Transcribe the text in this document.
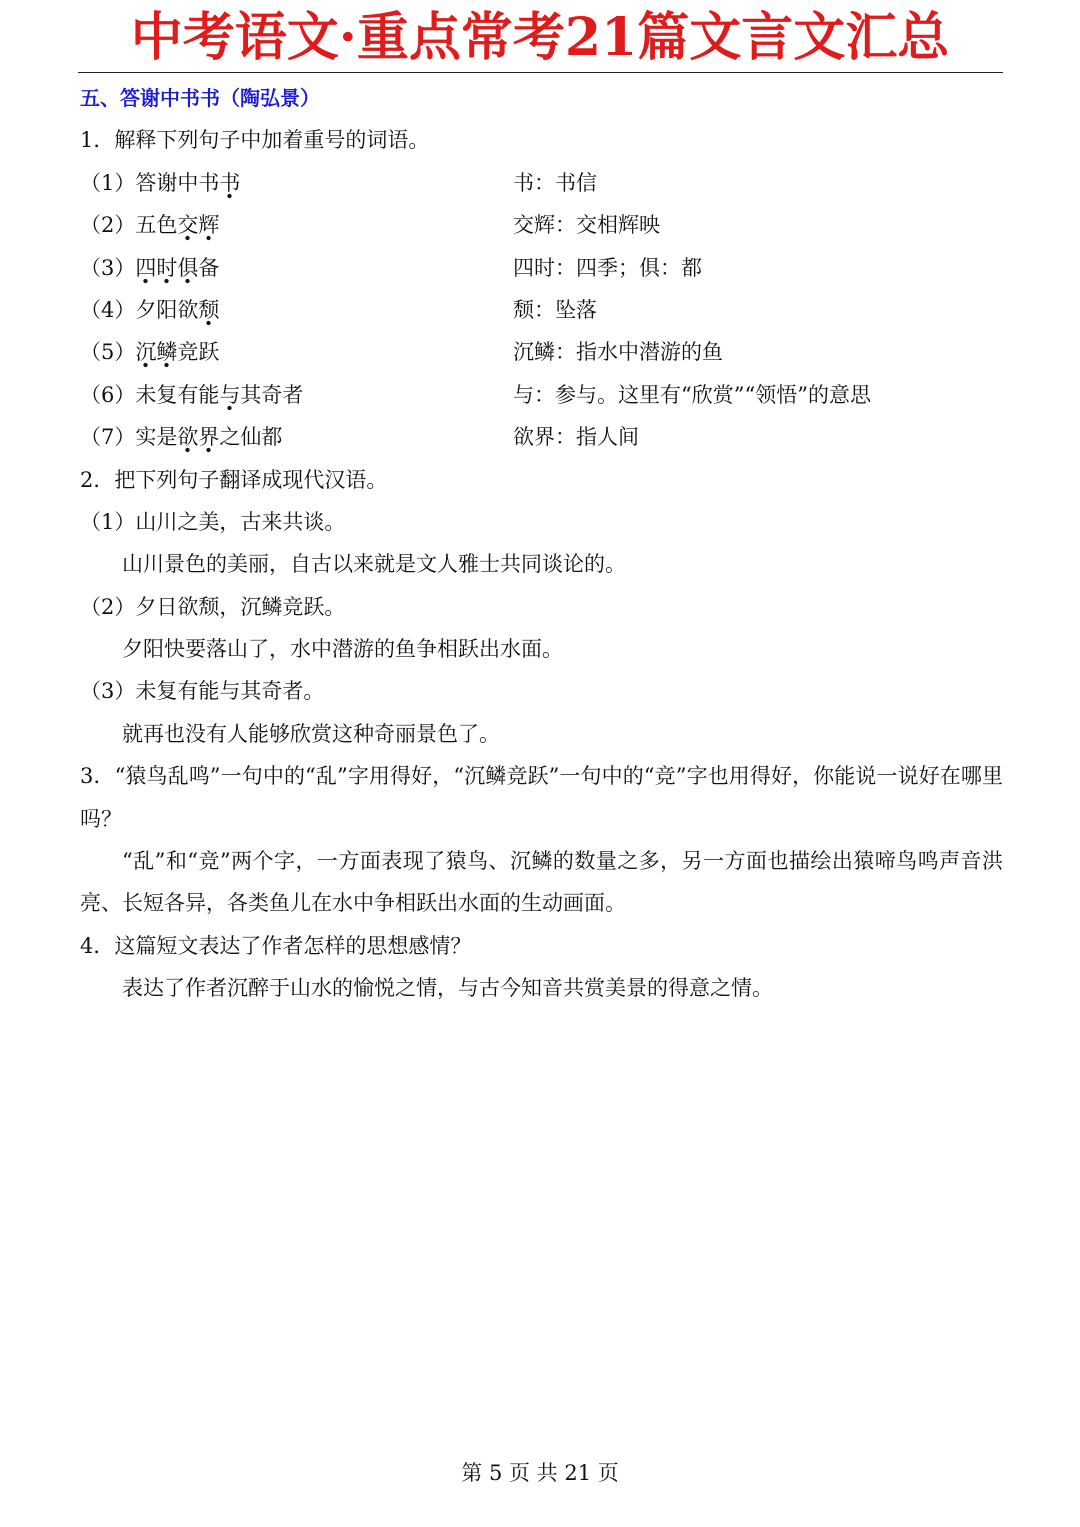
中考语文·重点常考21篇文言文汇总
五、答谢中书书（陶弘景）
1．解释下列句子中加着重号的词语。
（1）答谢中书书	书：书信
（2）五色交辉	交辉：交相辉映
（3）四时俱备	四时：四季；俱：都
（4）夕阳欲颓	颓：坠落
（5）沉鳞竞跃	沉鳞：指水中潜游的鱼
（6）未复有能与其奇者	与：参与。这里有“欣赏”“领悟”的意思
（7）实是欲界之仙都	欲界：指人间
2．把下列句子翻译成现代汉语。
（1）山川之美，古来共谈。
山川景色的美丽，自古以来就是文人雅士共同谈论的。
（2）夕日欲颓，沉鳞竞跃。
夕阳快要落山了，水中潜游的鱼争相跃出水面。
（3）未复有能与其奇者。
就再也没有人能够欣赏这种奇丽景色了。
3．“猿鸟乱鸣”一句中的“乱”字用得好，“沉鳞竞跃”一句中的“竞”字也用得好，你能说一说好在哪里吗？
“乱”和“竞”两个字，一方面表现了猿鸟、沉鳞的数量之多，另一方面也描绘出猿啼鸟鸣声音洪亮、长短各异，各类鱼儿在水中争相跃出水面的生动画面。
4．这篇短文表达了作者怎样的思想感情？
表达了作者沉醉于山水的愉悦之情，与古今知音共赏美景的得意之情。
第 5 页 共 21 页
